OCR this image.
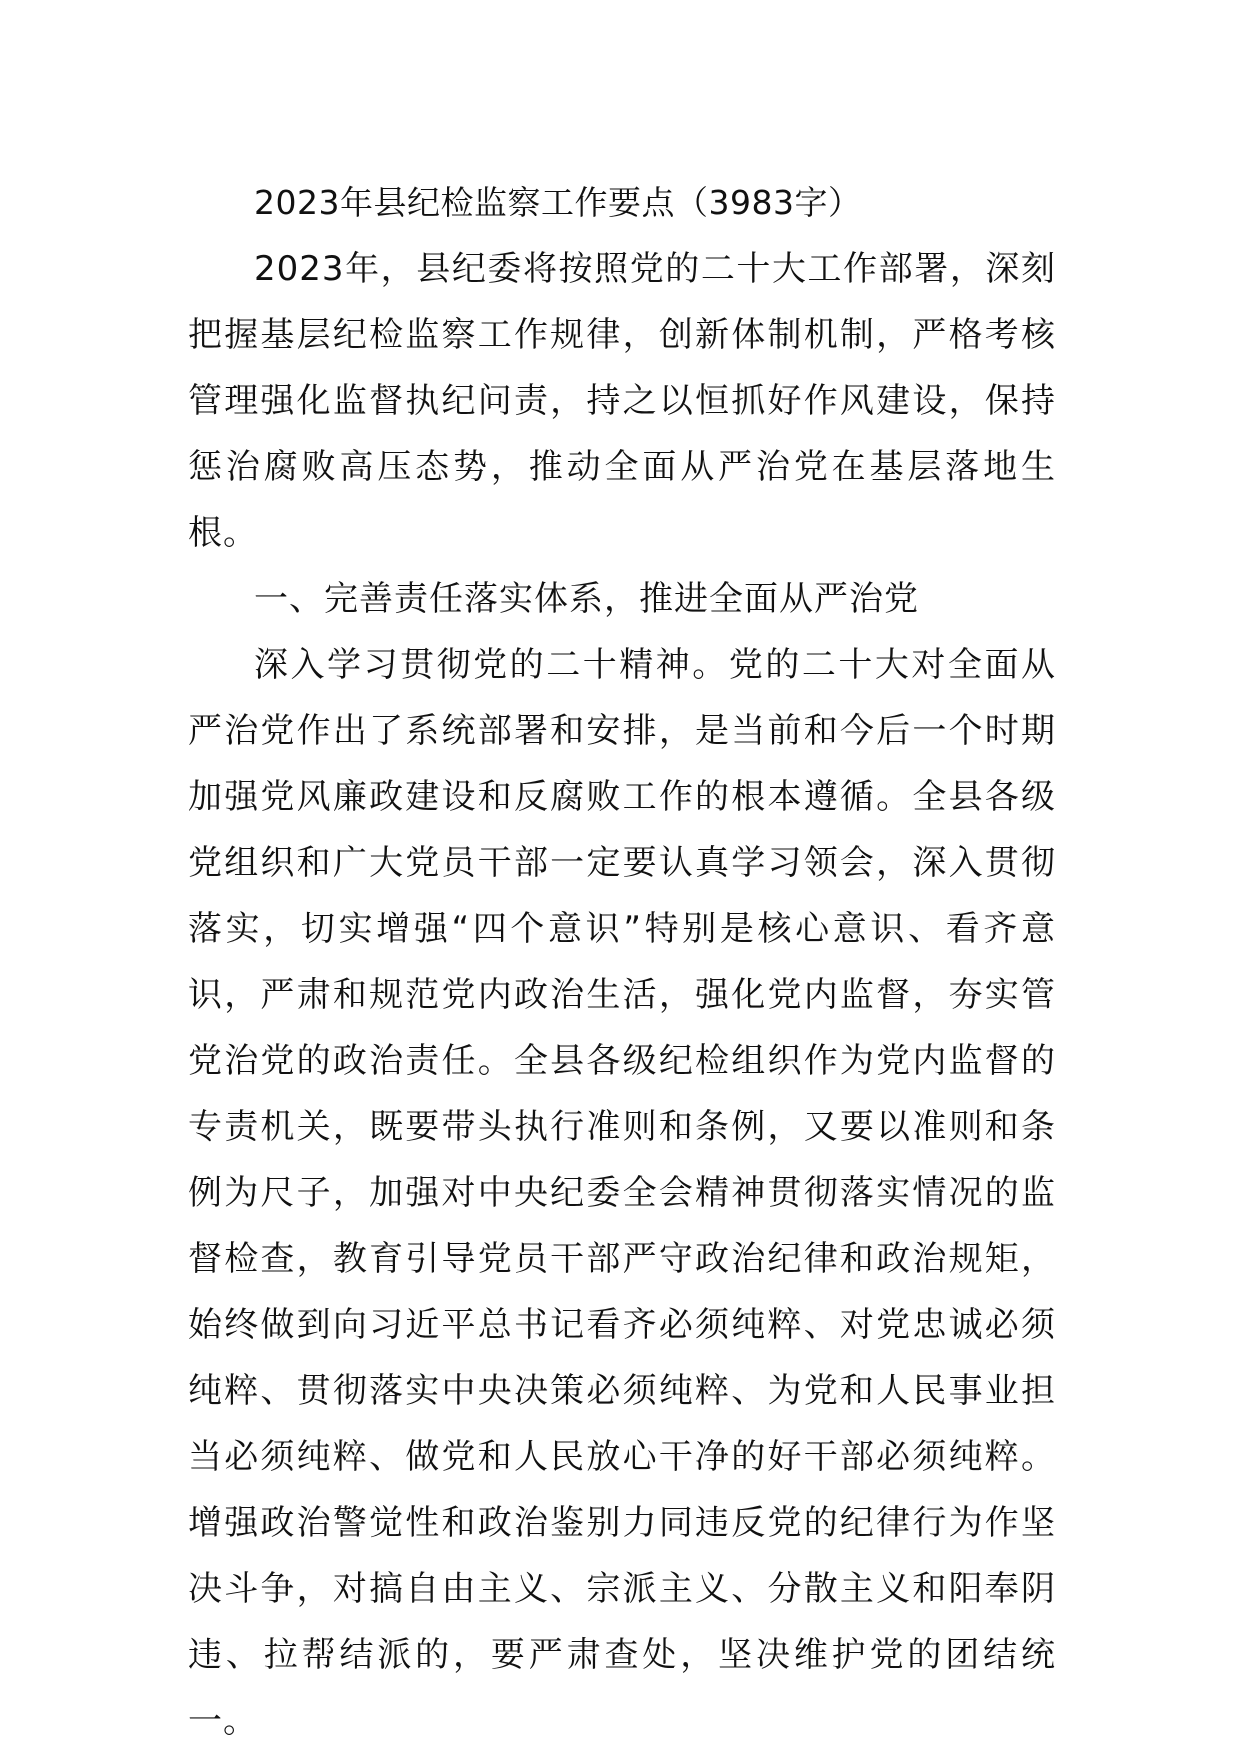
2023年县纪检监察工作要点（3983字）

2023年，县纪委将按照党的二十大工作部署，深刻把握基层纪检监察工作规律，创新体制机制，严格考核管理强化监督执纪问责，持之以恒抓好作风建设，保持惩治腐败高压态势，推动全面从严治党在基层落地生根。

一、完善责任落实体系，推进全面从严治党

深入学习贯彻党的二十精神。党的二十大对全面从严治党作出了系统部署和安排，是当前和今后一个时期加强党风廉政建设和反腐败工作的根本遵循。全县各级党组织和广大党员干部一定要认真学习领会，深入贯彻落实，切实增强“四个意识”特别是核心意识、看齐意识，严肃和规范党内政治生活，强化党内监督，夯实管党治党的政治责任。全县各级纪检组织作为党内监督的专责机关，既要带头执行准则和条例，又要以准则和条例为尺子，加强对中央纪委全会精神贯彻落实情况的监督检查，教育引导党员干部严守政治纪律和政治规矩，始终做到向习近平总书记看齐必须纯粹、对党忠诚必须纯粹、贯彻落实中央决策必须纯粹、为党和人民事业担当必须纯粹、做党和人民放心干净的好干部必须纯粹。增强政治警觉性和政治鉴别力同违反党的纪律行为作坚决斗争，对搞自由主义、宗派主义、分散主义和阳奉阴违、拉帮结派的，要严肃查处，坚决维护党的团结统一。
